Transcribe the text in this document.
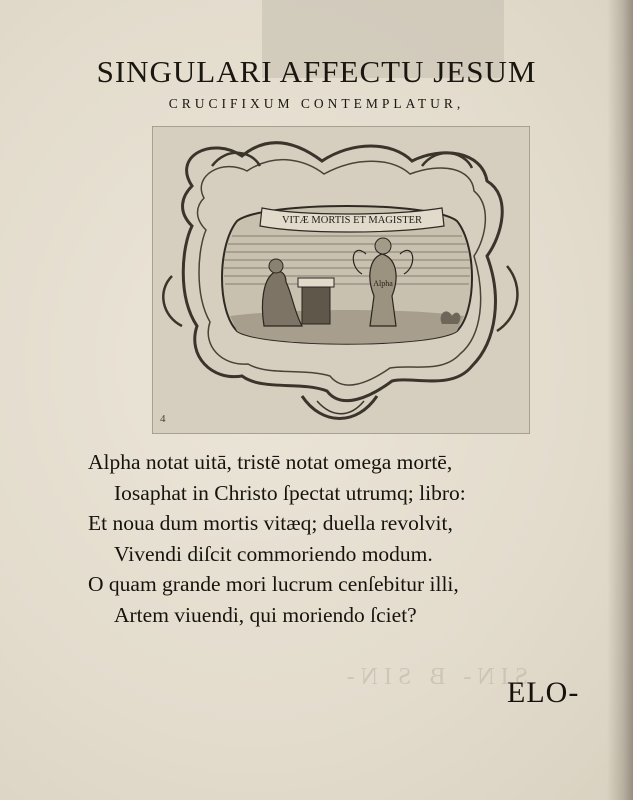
SINGULARI AFFECTU JESUM
CRUCIFIXUM CONTEMPLATUR,
VITÆ MORTIS ET MAGISTER
Alpha
4
Alpha notat uitā, tristē notat omega mortē,
Iosaphat in Christo ſpectat utrumq; libro:
Et noua dum mortis vitæq; duella revolvit,
Vivendi diſcit commoriendo modum.
O quam grande mori lucrum cenſebitur illi,
Artem viuendi, qui moriendo ſciet?
SIN- B SIN-
ELO-
